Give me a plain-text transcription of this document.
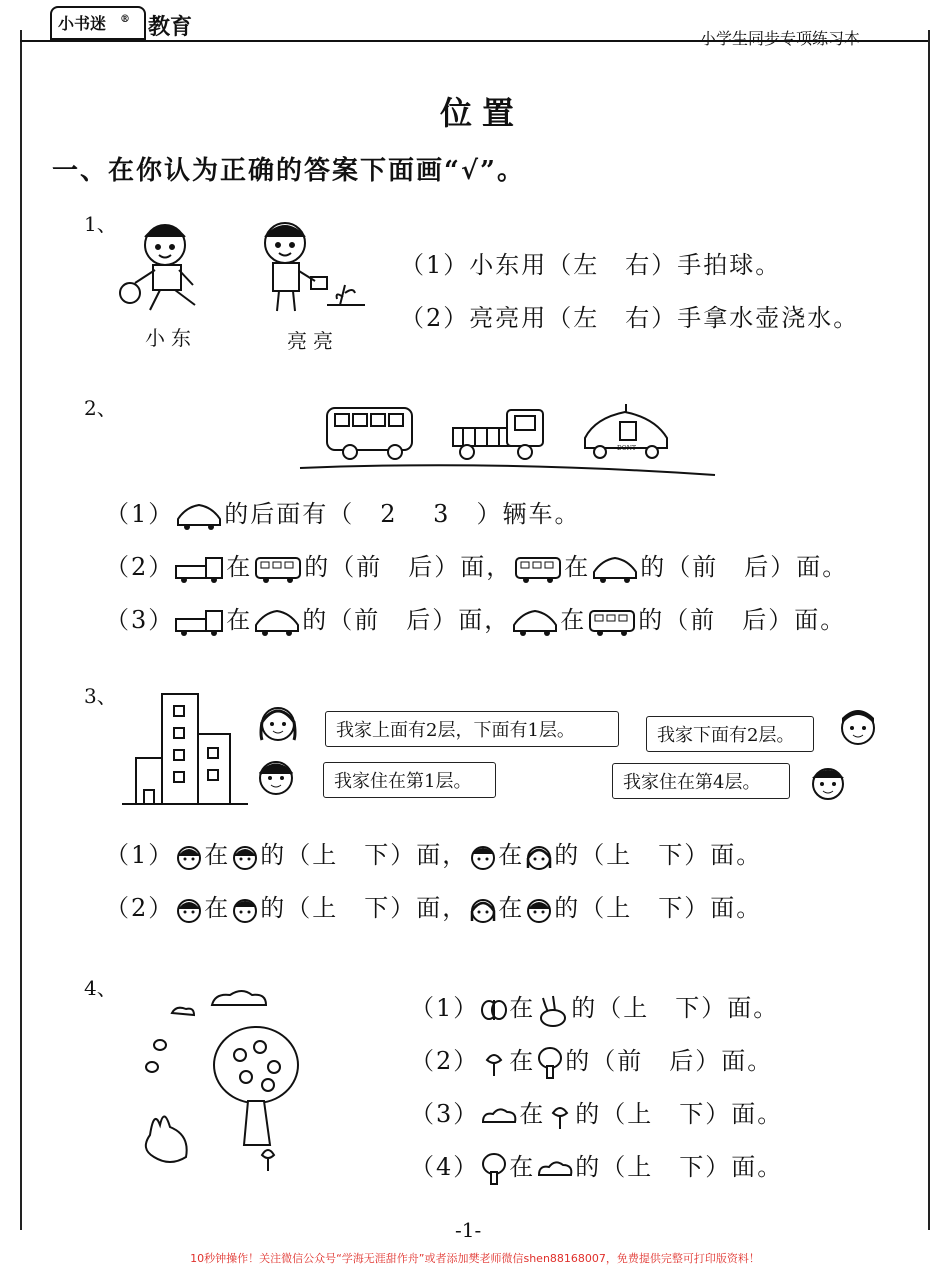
小书迷 ® 教育	小学生同步专项练习本
位置
一、在你认为正确的答案下面画“√”。
1、
小东	亮亮
（1）小东用（左　右）手拍球。
（2）亮亮用（左　右）手拿水壶浇水。
2、
DONT
（1） 的后面有（　2　 3　）辆车。
（2） 在 的（前　后）面， 在 的（前　后）面。
（3） 在 的（前　后）面， 在 的（前　后）面。
3、
我家上面有2层，下面有1层。
我家住在第1层。
我家下面有2层。
我家住在第4层。
（1） 在 的（上　下）面， 在 的（上　下）面。
（2） 在 的（上　下）面， 在 的（上　下）面。
4、
（1） 在 的（上　下）面。
（2） 在 的（前　后）面。
（3） 在 的（上　下）面。
（4） 在 的（上　下）面。
-1-
10秒钟操作！关注微信公众号“学海无涯甜作舟”或者添加樊老师微信shen88168007，免费提供完整可打印版资料！
